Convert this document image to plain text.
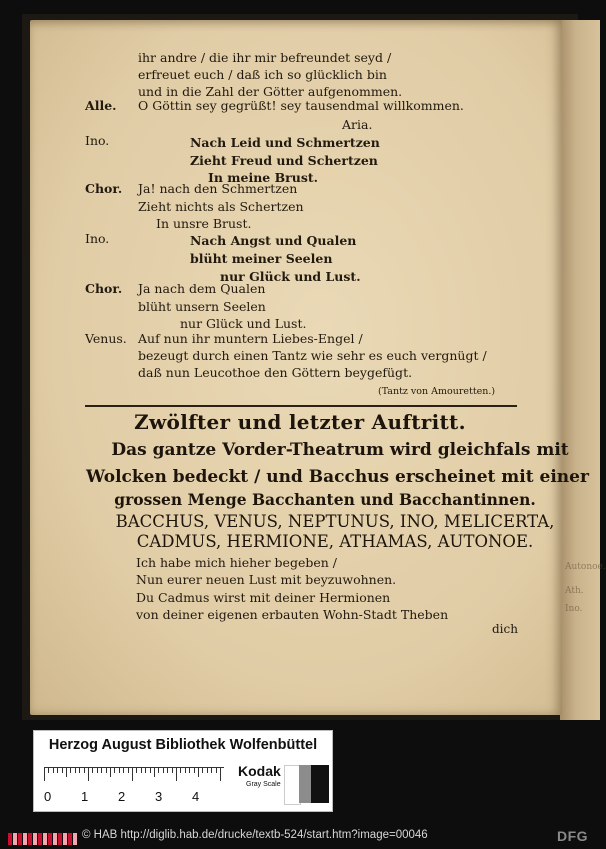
Autonoe.
Ath.
Ino.
ihr andre / die ihr mir befreundet seyd /
erfreuet euch / daß ich so glücklich bin
und in die Zahl der Götter aufgenommen.
Alle. O Göttin sey gegrüßt! sey tausendmal willkommen.
Aria.
Ino.	Nach Leid und Schmertzen
Zieht Freud und Schertzen
In meine Brust.
Chor. Ja! nach den Schmertzen
Zieht nichts als Schertzen
In unsre Brust.
Ino.	Nach Angst und Qualen
blüht meiner Seelen
nur Glück und Lust.
Chor. Ja nach dem Qualen
blüht unsern Seelen
nur Glück und Lust.
Venus. Auf nun ihr muntern Liebes-Engel /
bezeugt durch einen Tantz wie sehr es euch vergnügt /
daß nun Leucothoe den Göttern beygefügt.
(Tantz von Amouretten.)
Zwölfter und letzter Auftritt.
Das gantze Vorder-Theatrum wird gleichfals mit
Wolcken bedeckt / und Bacchus erscheinet mit einer
grossen Menge Bacchanten und Bacchantinnen.
BACCHUS, VENUS, NEPTUNUS, INO, MELICERTA,
CADMUS, HERMIONE, ATHAMAS, AUTONOE.
Ich habe mich hieher begeben /
Nun eurer neuen Lust mit beyzuwohnen.
Du Cadmus wirst mit deiner Hermionen
von deiner eigenen erbauten Wohn-Stadt Theben
dich
Herzog August Bibliothek Wolfenbüttel
0 1 2 3 4
Kodak
Gray Scale
© HAB http://diglib.hab.de/drucke/textb-524/start.htm?image=00046	DFG
